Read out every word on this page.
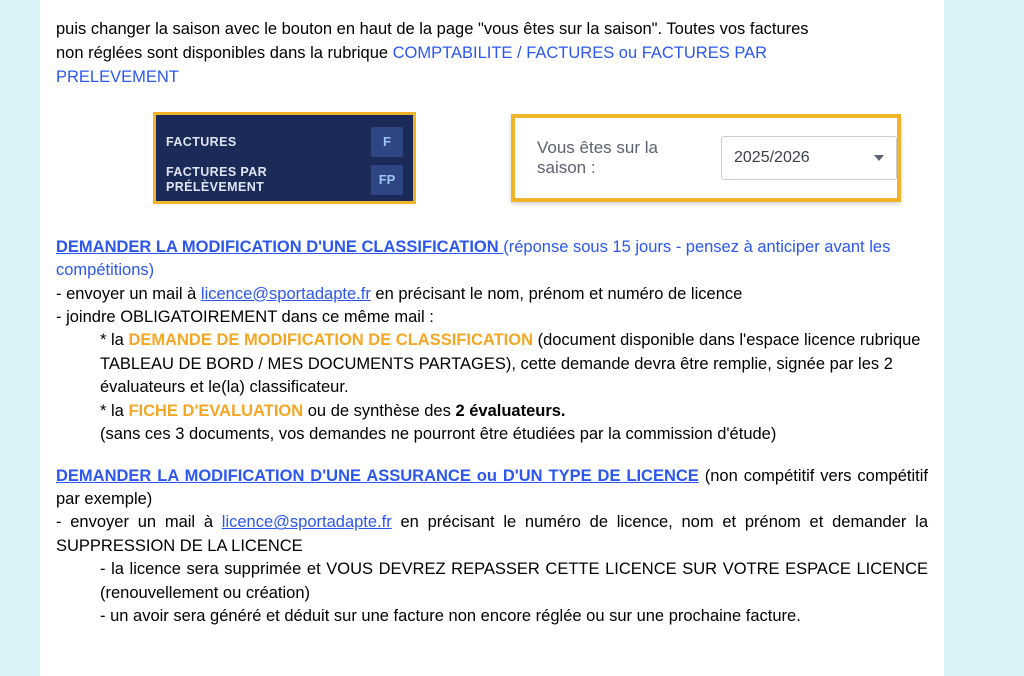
puis changer la saison avec le bouton en haut de la page "vous êtes sur la saison". Toutes vos factures

non réglées sont disponibles dans la rubrique COMPTABILITE / FACTURES ou FACTURES PAR

PRELEVEMENT

FACTURES	F
FACTURES PAR PRÉLÈVEMENT	FP
Vous êtes sur la saison :
2025/2026

DEMANDER LA MODIFICATION D'UNE CLASSIFICATION (réponse sous 15 jours - pensez à anticiper avant les compétitions)

- envoyer un mail à licence@sportadapte.fr en précisant le nom, prénom et numéro de licence

- joindre OBLIGATOIREMENT dans ce même mail :

* la DEMANDE DE MODIFICATION DE CLASSIFICATION (document disponible dans l'espace licence rubrique TABLEAU DE BORD / MES DOCUMENTS PARTAGES), cette demande devra être remplie, signée par les 2 évaluateurs et le(la) classificateur.

* la FICHE D'EVALUATION ou de synthèse des 2 évaluateurs.

(sans ces 3 documents, vos demandes ne pourront être étudiées par la commission d'étude)

DEMANDER LA MODIFICATION D'UNE ASSURANCE ou D'UN TYPE DE LICENCE (non compétitif vers compétitif par exemple)

- envoyer un mail à licence@sportadapte.fr en précisant le numéro de licence, nom et prénom et demander la SUPPRESSION DE LA LICENCE

- la licence sera supprimée et VOUS DEVREZ REPASSER CETTE LICENCE SUR VOTRE ESPACE LICENCE (renouvellement ou création)

- un avoir sera généré et déduit sur une facture non encore réglée ou sur une prochaine facture.
